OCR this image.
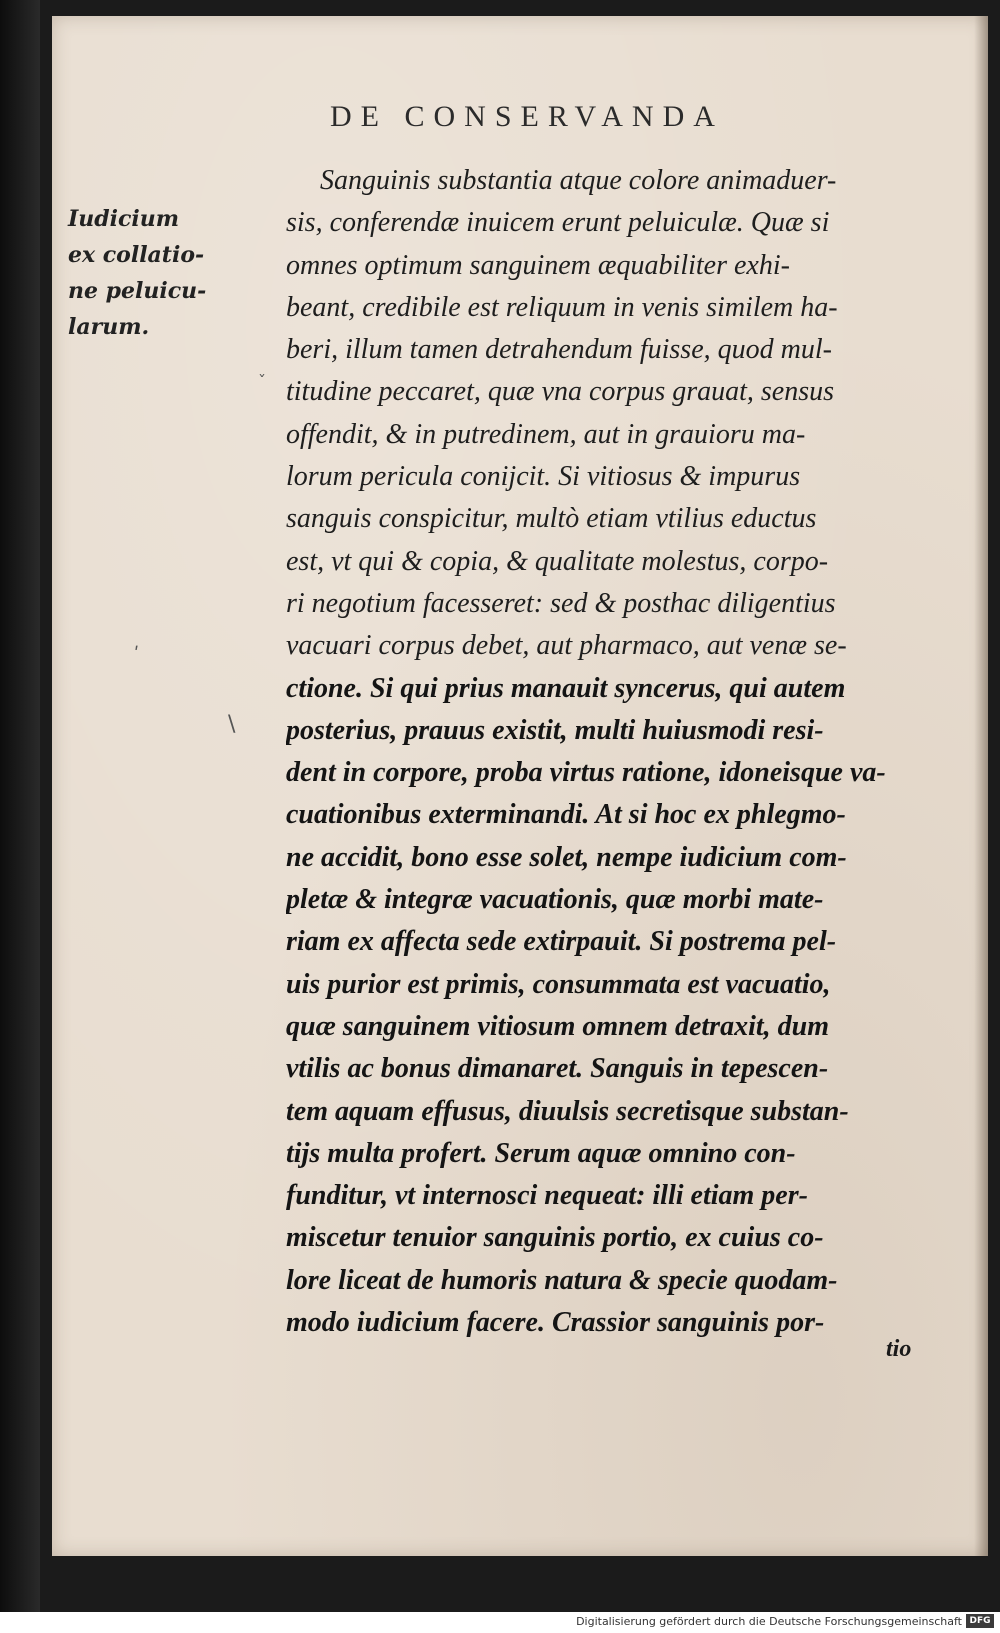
DE CONSERVANDA
Iudicium
ex collatio-
ne peluicu-
larum.
Sanguinis substantia atque colore animaduer-
sis, conferendæ inuicem erunt peluiculæ. Quæ si
omnes optimum sanguinem æquabiliter exhi-
beant, credibile est reliquum in venis similem ha-
beri, illum tamen detrahendum fuisse, quod mul-
titudine peccaret, quæ vna corpus grauat, sensus
offendit, & in putredinem, aut in grauioru ma-
lorum pericula conijcit. Si vitiosus & impurus
sanguis conspicitur, multò etiam vtilius eductus
est, vt qui & copia, & qualitate molestus, corpo-
ri negotium facesseret: sed & posthac diligentius
vacuari corpus debet, aut pharmaco, aut venæ se-
ctione. Si qui prius manauit syncerus, qui autem
posterius, prauus existit, multi huiusmodi resi-
dent in corpore, proba virtus ratione, idoneisque va-
cuationibus exterminandi. At si hoc ex phlegmo-
ne accidit, bono esse solet, nempe iudicium com-
pletæ & integræ vacuationis, quæ morbi mate-
riam ex affecta sede extirpauit. Si postrema pel-
uis purior est primis, consummata est vacuatio,
quæ sanguinem vitiosum omnem detraxit, dum
vtilis ac bonus dimanaret. Sanguis in tepescen-
tem aquam effusus, diuulsis secretisque substan-
tijs multa profert. Serum aquæ omnino con-
funditur, vt internosci nequeat: illi etiam per-
miscetur tenuior sanguinis portio, ex cuius co-
lore liceat de humoris natura & specie quodam-
modo iudicium facere. Crassior sanguinis por-
tio
ˇ
ʹ
\
Digitalisierung gefördert durch die Deutsche Forschungsgemeinschaft DFG
